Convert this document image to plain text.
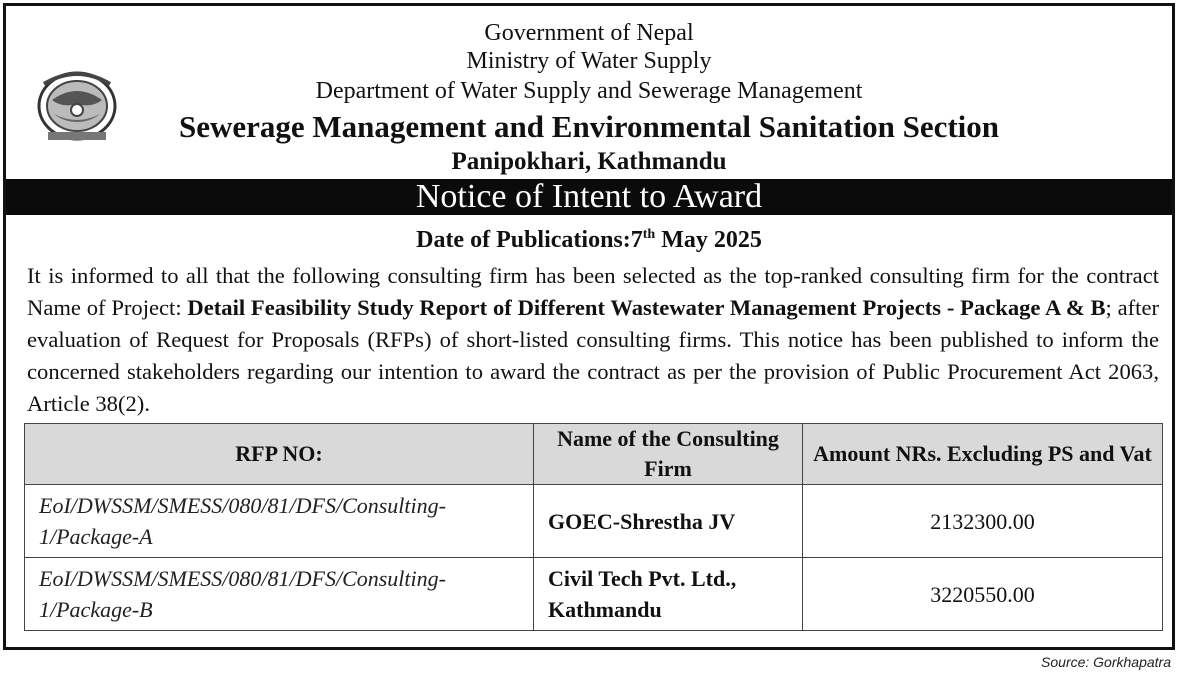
Government of Nepal
Ministry of Water Supply
Department of Water Supply and Sewerage Management
Sewerage Management and Environmental Sanitation Section
Panipokhari, Kathmandu
Notice of Intent to Award
Date of Publications:7th May 2025
It is informed to all that the following consulting firm has been selected as the top-ranked consulting firm for the contract Name of Project: Detail Feasibility Study Report of Different Wastewater Management Projects - Package A & B; after evaluation of Request for Proposals (RFPs) of short-listed consulting firms. This notice has been published to inform the concerned stakeholders regarding our intention to award the contract as per the provision of Public Procurement Act 2063, Article 38(2).
RFP NO:	Name of the Consulting Firm	Amount NRs. Excluding PS and Vat
EoI/DWSSM/SMESS/080/81/DFS/Consulting-1/Package-A	GOEC-Shrestha JV	2132300.00
EoI/DWSSM/SMESS/080/81/DFS/Consulting-1/Package-B	Civil Tech Pvt. Ltd., Kathmandu	3220550.00
Source: Gorkhapatra
